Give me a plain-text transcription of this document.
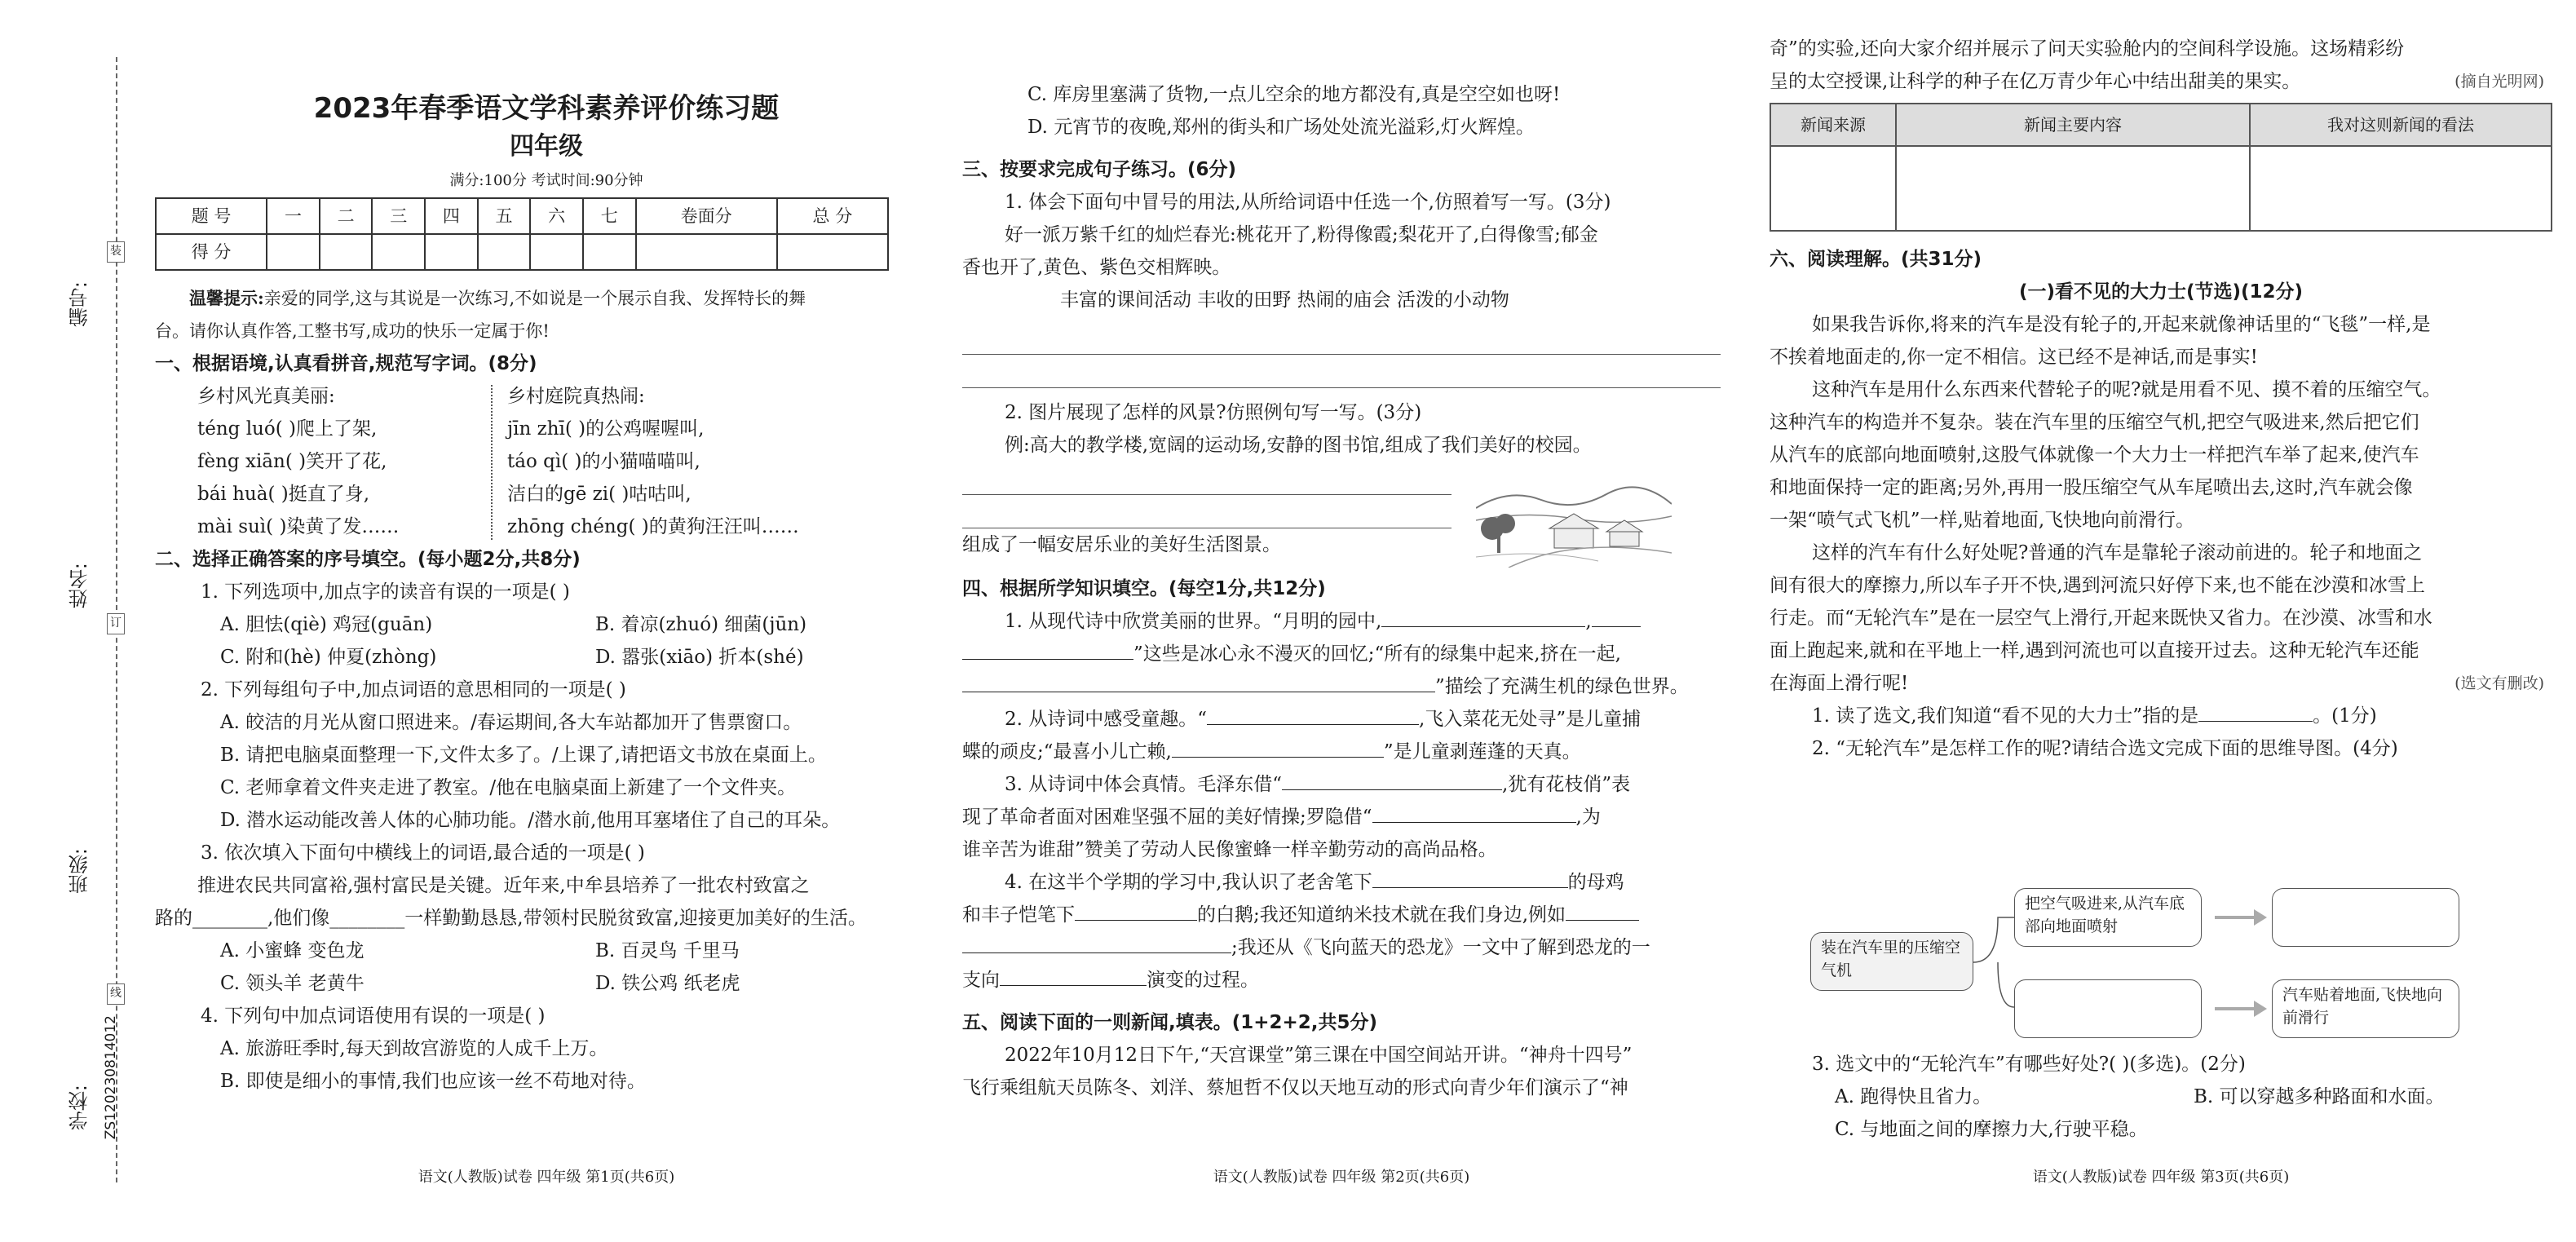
编号:
姓名:
班级:
学校:
装
订
线
ZS120230814012
2023年春季语文学科素养评价练习题
四年级
满分:100分 考试时间:90分钟
题 号	一	二	三	四	五	六	七	卷面分	总 分
得 分									
温馨提示:亲爱的同学,这与其说是一次练习,不如说是一个展示自我、发挥特长的舞
台。请你认真作答,工整书写,成功的快乐一定属于你!
一、根据语境,认真看拼音,规范写字词。(8分)
乡村风光真美丽:
téng luó( )爬上了架,
fèng xiān( )笑开了花,
bái huà( )挺直了身,
mài suì( )染黄了发……
乡村庭院真热闹:
jīn zhī( )的公鸡喔喔叫,
táo qì( )的小猫喵喵叫,
洁白的gē zi( )咕咕叫,
zhōng chéng( )的黄狗汪汪叫……
二、选择正确答案的序号填空。(每小题2分,共8分)
1. 下列选项中,加点字的读音有误的一项是( )
A. 胆怯(qiè) 鸡冠(guān)	B. 着凉(zhuó) 细菌(jūn)
C. 附和(hè) 仲夏(zhòng)	D. 嚣张(xiāo) 折本(shé)
2. 下列每组句子中,加点词语的意思相同的一项是( )
A. 皎洁的月光从窗口照进来。/春运期间,各大车站都加开了售票窗口。
B. 请把电脑桌面整理一下,文件太多了。/上课了,请把语文书放在桌面上。
C. 老师拿着文件夹走进了教室。/他在电脑桌面上新建了一个文件夹。
D. 潜水运动能改善人体的心肺功能。/潜水前,他用耳塞堵住了自己的耳朵。
3. 依次填入下面句中横线上的词语,最合适的一项是( )
推进农民共同富裕,强村富民是关键。近年来,中牟县培养了一批农村致富之
路的________,他们像________一样勤勤恳恳,带领村民脱贫致富,迎接更加美好的生活。
A. 小蜜蜂 变色龙	B. 百灵鸟 千里马
C. 领头羊 老黄牛	D. 铁公鸡 纸老虎
4. 下列句中加点词语使用有误的一项是( )
A. 旅游旺季时,每天到故宫游览的人成千上万。
B. 即使是细小的事情,我们也应该一丝不苟地对待。
语文(人教版)试卷 四年级 第1页(共6页)
C. 库房里塞满了货物,一点儿空余的地方都没有,真是空空如也呀!
D. 元宵节的夜晚,郑州的街头和广场处处流光溢彩,灯火辉煌。
三、按要求完成句子练习。(6分)
1. 体会下面句中冒号的用法,从所给词语中任选一个,仿照着写一写。(3分)
好一派万紫千红的灿烂春光:桃花开了,粉得像霞;梨花开了,白得像雪;郁金
香也开了,黄色、紫色交相辉映。
丰富的课间活动 丰收的田野 热闹的庙会 活泼的小动物
2. 图片展现了怎样的风景?仿照例句写一写。(3分)
例:高大的教学楼,宽阔的运动场,安静的图书馆,组成了我们美好的校园。
组成了一幅安居乐业的美好生活图景。
四、根据所学知识填空。(每空1分,共12分)
1. 从现代诗中欣赏美丽的世界。“月明的园中,	,
”这些是冰心永不漫灭的回忆;“所有的绿集中起来,挤在一起,
”描绘了充满生机的绿色世界。
2. 从诗词中感受童趣。“	,飞入菜花无处寻”是儿童捕
蝶的顽皮;“最喜小儿亡赖,	”是儿童剥莲蓬的天真。
3. 从诗词中体会真情。毛泽东借“	,犹有花枝俏”表
现了革命者面对困难坚强不屈的美好情操;罗隐借“	,为
谁辛苦为谁甜”赞美了劳动人民像蜜蜂一样辛勤劳动的高尚品格。
4. 在这半个学期的学习中,我认识了老舍笔下	的母鸡
和丰子恺笔下	的白鹅;我还知道纳米技术就在我们身边,例如
;我还从《飞向蓝天的恐龙》一文中了解到恐龙的一
支向	演变的过程。
五、阅读下面的一则新闻,填表。(1+2+2,共5分)
2022年10月12日下午,“天宫课堂”第三课在中国空间站开讲。“神舟十四号”
飞行乘组航天员陈冬、刘洋、蔡旭哲不仅以天地互动的形式向青少年们演示了“神
语文(人教版)试卷 四年级 第2页(共6页)
奇”的实验,还向大家介绍并展示了问天实验舱内的空间科学设施。这场精彩纷
呈的太空授课,让科学的种子在亿万青少年心中结出甜美的果实。	(摘自光明网)
新闻来源	新闻主要内容	我对这则新闻的看法

六、阅读理解。(共31分)
(一)看不见的大力士(节选)(12分)
如果我告诉你,将来的汽车是没有轮子的,开起来就像神话里的“飞毯”一样,是
不挨着地面走的,你一定不相信。这已经不是神话,而是事实!
这种汽车是用什么东西来代替轮子的呢?就是用看不见、摸不着的压缩空气。
这种汽车的构造并不复杂。装在汽车里的压缩空气机,把空气吸进来,然后把它们
从汽车的底部向地面喷射,这股气体就像一个大力士一样把汽车举了起来,使汽车
和地面保持一定的距离;另外,再用一股压缩空气从车尾喷出去,这时,汽车就会像
一架“喷气式飞机”一样,贴着地面,飞快地向前滑行。
这样的汽车有什么好处呢?普通的汽车是靠轮子滚动前进的。轮子和地面之
间有很大的摩擦力,所以车子开不快,遇到河流只好停下来,也不能在沙漠和冰雪上
行走。而“无轮汽车”是在一层空气上滑行,开起来既快又省力。在沙漠、冰雪和水
面上跑起来,就和在平地上一样,遇到河流也可以直接开过去。这种无轮汽车还能
在海面上滑行呢!	(选文有删改)
1. 读了选文,我们知道“看不见的大力士”指的是	。(1分)
2. “无轮汽车”是怎样工作的呢?请结合选文完成下面的思维导图。(4分)
装在汽车里的压缩空气机
把空气吸进来,从汽车底部向地面喷射
汽车贴着地面,飞快地向前滑行
3. 选文中的“无轮汽车”有哪些好处?( )(多选)。(2分)
A. 跑得快且省力。	B. 可以穿越多种路面和水面。
C. 与地面之间的摩擦力大,行驶平稳。
语文(人教版)试卷 四年级 第3页(共6页)
